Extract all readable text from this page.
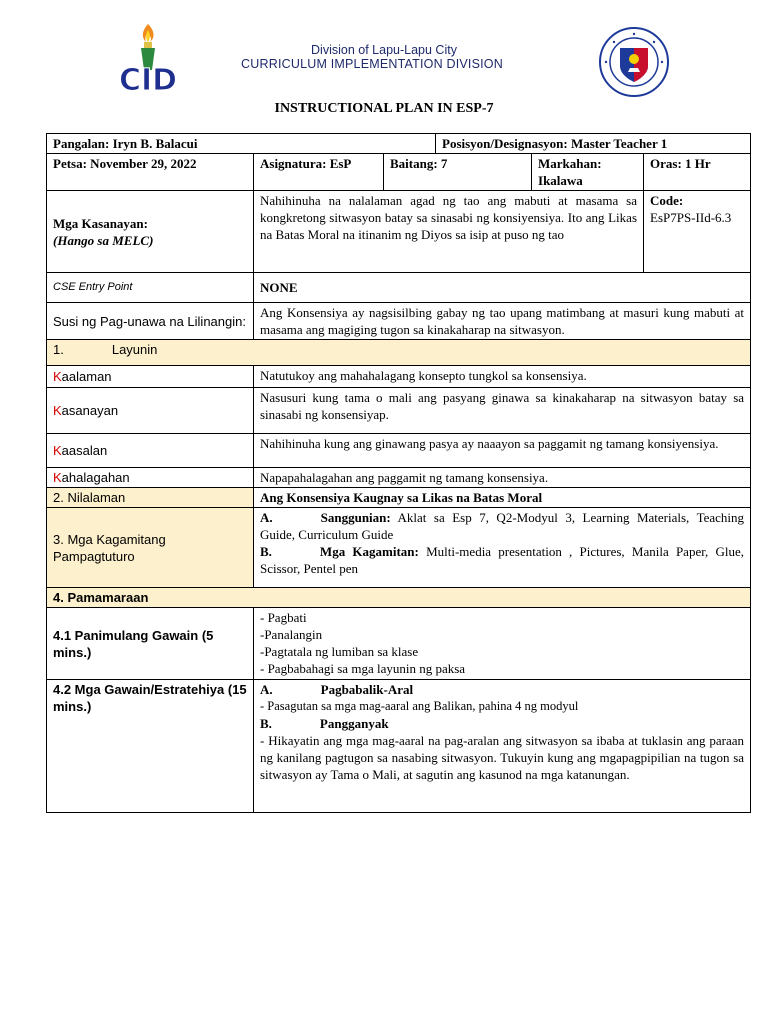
CID
Division of Lapu-Lapu City
CURRICULUM IMPLEMENTATION DIVISION
INSTRUCTIONAL PLAN IN ESP-7
Pangalan: Iryn B. Balacui			Posisyon/Designasyon: Master Teacher 1		
Petsa: November 29, 2022	Asignatura: EsP	Baitang: 7		Markahan:
Ikalawa	Oras: 1 Hr
Mga Kasanayan:
(Hango sa MELC)	Nahihinuha na nalalaman agad ng tao ang mabuti at masama sa kongkretong sitwasyon batay sa sinasabi ng konsiyensiya. Ito ang Likas na Batas Moral na itinanim ng Diyos sa isip at puso ng tao				Code:
EsP7PS-IId-6.3
CSE Entry Point	NONE				
Susi ng Pag-unawa na Lilinangin:	Ang Konsensiya ay nagsisilbing gabay ng tao upang matimbang at masuri kung mabuti at masama ang magiging tugon sa kinakaharap na sitwasyon.				
1. Layunin					
Kaalaman	Natutukoy ang mahahalagang konsepto tungkol sa konsensiya.				
Kasanayan	Nasusuri kung tama o mali ang pasyang ginawa sa kinakaharap na sitwasyon batay sa sinasabi ng konsensiyap.				
Kaasalan	Nahihinuha kung ang ginawang pasya ay naaayon sa paggamit ng tamang konsiyensiya.				
Kahalagahan	Napapahalagahan ang paggamit ng tamang konsensiya.				
2. Nilalaman	Ang Konsensiya Kaugnay sa Likas na Batas Moral				
3. Mga Kagamitang Pampagtuturo	A. Sanggunian: Aklat sa Esp 7, Q2-Modyul 3, Learning Materials, Teaching Guide, Curriculum Guide
B. Mga Kagamitan: Multi-media presentation , Pictures, Manila Paper, Glue, Scissor, Pentel pen				
4. Pamamaraan					
4.1 Panimulang Gawain (5 mins.)	- Pagbati
-Panalangin
-Pagtatala ng lumiban sa klase
- Pagbabahagi sa mga layunin ng paksa				

4.2 Mga Gawain/Estratehiya (15 mins.)	A. Pagbabalik-Aral
- Pasagutan sa mga mag-aaral ang Balikan, pahina 4 ng modyul
B. Pangganyak
- Hikayatin ang mga mag-aaral na pag-aralan ang sitwasyon sa ibaba at tuklasin ang paraan ng kanilang pagtugon sa nasabing sitwasyon. Tukuyin kung ang mgapagpipilian na tugon sa sitwasyon ay Tama o Mali, at sagutin ang kasunod na mga katanungan.				
